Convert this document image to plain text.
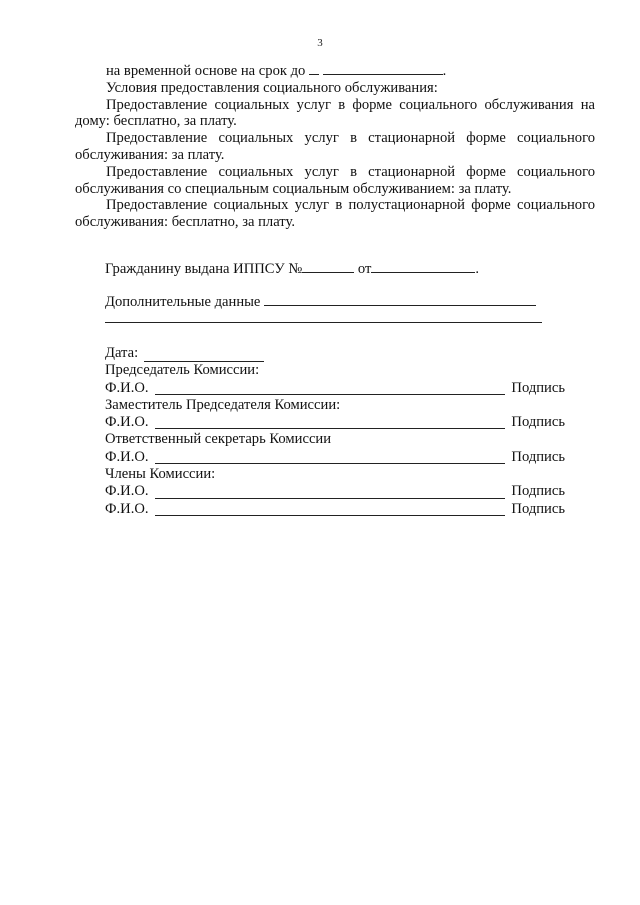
3

на временной основе на срок до	.

Условия предоставления социального обслуживания:

Предоставление социальных услуг в форме социального обслуживания на дому: бесплатно, за плату.

Предоставление социальных услуг в стационарной форме социального обслуживания: за плату.

Предоставление социальных услуг в стационарной форме социального обслуживания со специальным социальным обслуживанием: за плату.

Предоставление социальных услуг в полустационарной форме социального обслуживания: бесплатно, за плату.

Гражданину выдана ИППСУ №	от	.
Дополнительные данные
Дата:
Председатель Комиссии:
Ф.И.О.	Подпись
Заместитель Председателя Комиссии:
Ф.И.О.	Подпись
Ответственный секретарь Комиссии
Ф.И.О.	Подпись
Члены Комиссии:
Ф.И.О.	Подпись
Ф.И.О.	Подпись
